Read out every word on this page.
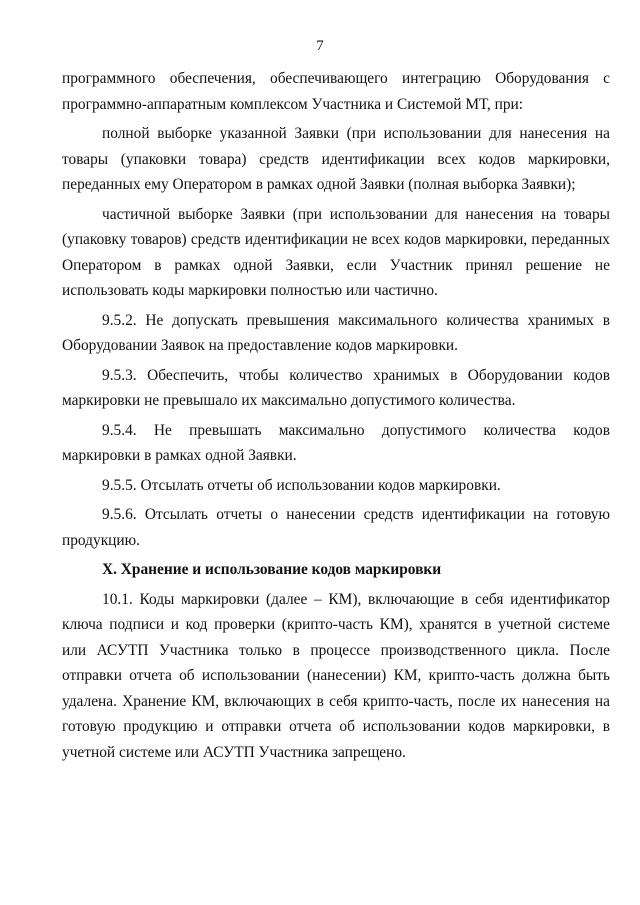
7

программного обеспечения, обеспечивающего интеграцию Оборудования с программно-аппаратным комплексом Участника и Системой МТ, при:

полной выборке указанной Заявки (при использовании для нанесения на товары (упаковки товара) средств идентификации всех кодов маркировки, переданных ему Оператором в рамках одной Заявки (полная выборка Заявки);

частичной выборке Заявки (при использовании для нанесения на товары (упаковку товаров) средств идентификации не всех кодов маркировки, переданных Оператором в рамках одной Заявки, если Участник принял решение не использовать коды маркировки полностью или частично.

9.5.2. Не допускать превышения максимального количества хранимых в Оборудовании Заявок на предоставление кодов маркировки.

9.5.3. Обеспечить, чтобы количество хранимых в Оборудовании кодов маркировки не превышало их максимально допустимого количества.

9.5.4. Не превышать максимально допустимого количества кодов маркировки в рамках одной Заявки.

9.5.5. Отсылать отчеты об использовании кодов маркировки.

9.5.6. Отсылать отчеты о нанесении средств идентификации на готовую продукцию.

X. Хранение и использование кодов маркировки

10.1. Коды маркировки (далее – КМ), включающие в себя идентификатор ключа подписи и код проверки (крипто-часть КМ), хранятся в учетной системе или АСУТП Участника только в процессе производственного цикла. После отправки отчета об использовании (нанесении) КМ, крипто-часть должна быть удалена. Хранение КМ, включающих в себя крипто-часть, после их нанесения на готовую продукцию и отправки отчета об использовании кодов маркировки, в учетной системе или АСУТП Участника запрещено.
